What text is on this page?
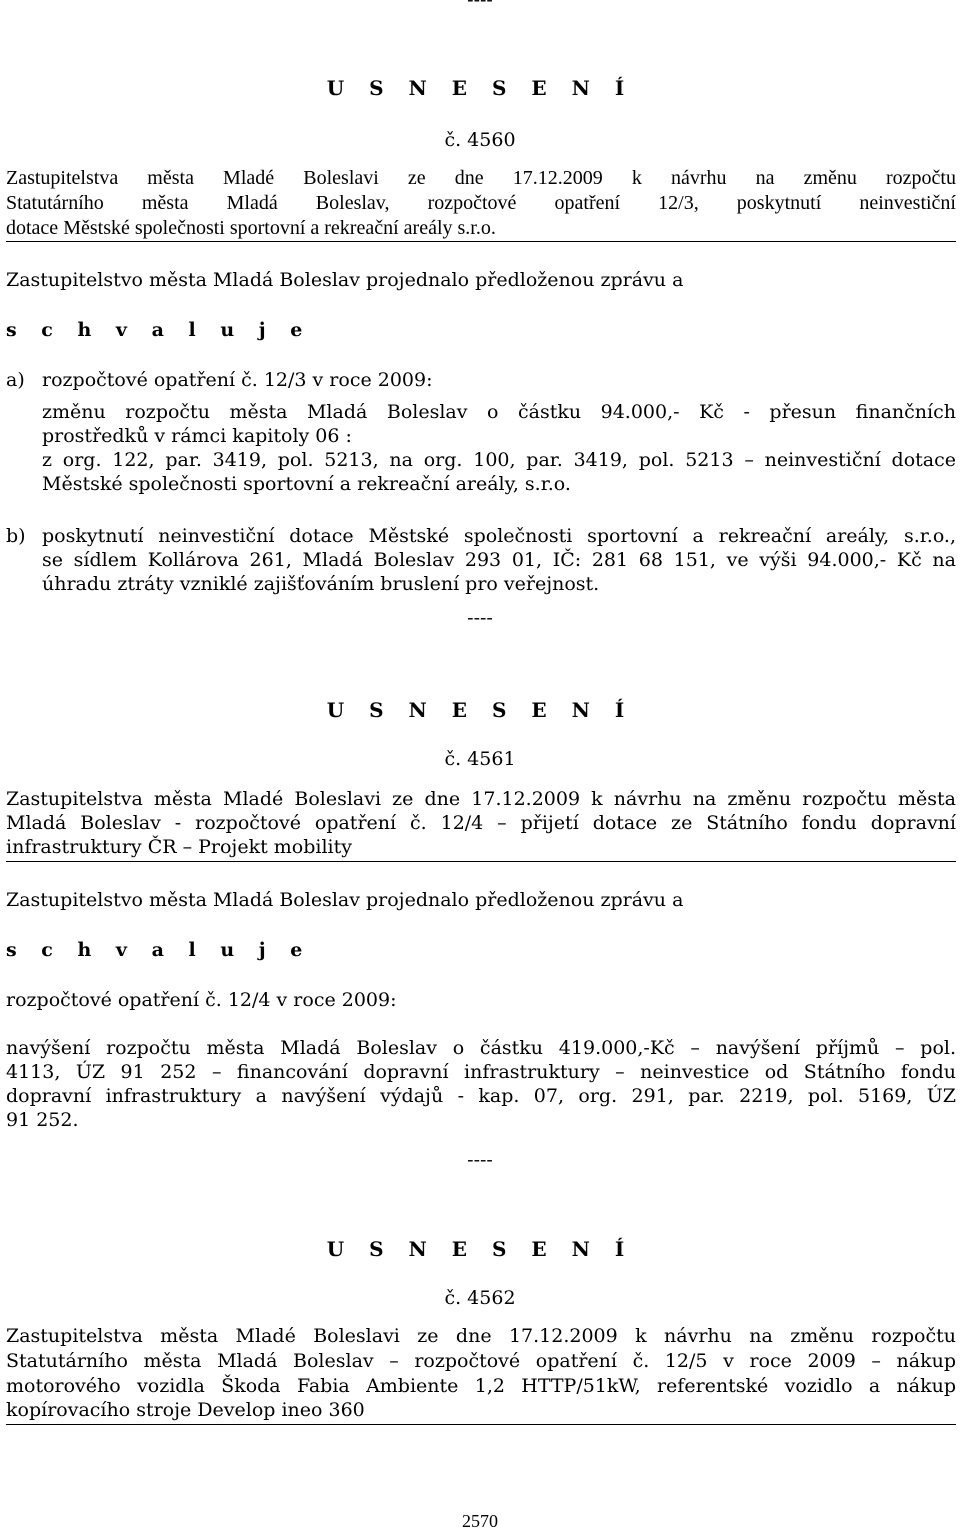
----
U S N E S E N Í
č. 4560
Zastupitelstva města Mladé Boleslavi ze dne 17.12.2009 k návrhu na změnu rozpočtu
Statutárního města Mladá Boleslav, rozpočtové opatření 12/3, poskytnutí neinvestiční
dotace Městské společnosti sportovní a rekreační areály s.r.o.
Zastupitelstvo města Mladá Boleslav projednalo předloženou zprávu a
s c h v a l u j e
a) rozpočtové opatření č. 12/3 v roce 2009:
změnu rozpočtu města Mladá Boleslav o částku 94.000,- Kč - přesun finančních
prostředků v rámci kapitoly 06 :
z org. 122, par. 3419, pol. 5213, na org. 100, par. 3419, pol. 5213 – neinvestiční dotace
Městské společnosti sportovní a rekreační areály, s.r.o.
b) poskytnutí neinvestiční dotace Městské společnosti sportovní a rekreační areály, s.r.o.,
se sídlem Kollárova 261, Mladá Boleslav 293 01, IČ: 281 68 151, ve výši 94.000,- Kč na
úhradu ztráty vzniklé zajišťováním bruslení pro veřejnost.
----
U S N E S E N Í
č. 4561
Zastupitelstva města Mladé Boleslavi ze dne 17.12.2009 k návrhu na změnu rozpočtu města
Mladá Boleslav - rozpočtové opatření č. 12/4 – přijetí dotace ze Státního fondu dopravní
infrastruktury ČR – Projekt mobility
Zastupitelstvo města Mladá Boleslav projednalo předloženou zprávu a
s c h v a l u j e
rozpočtové opatření č. 12/4 v roce 2009:
navýšení rozpočtu města Mladá Boleslav o částku 419.000,-Kč – navýšení příjmů – pol.
4113, ÚZ 91 252 – financování dopravní infrastruktury – neinvestice od Státního fondu
dopravní infrastruktury a navýšení výdajů - kap. 07, org. 291, par. 2219, pol. 5169, ÚZ
91 252.
----
U S N E S E N Í
č. 4562
Zastupitelstva města Mladé Boleslavi ze dne 17.12.2009 k návrhu na změnu rozpočtu
Statutárního města Mladá Boleslav – rozpočtové opatření č. 12/5 v roce 2009 – nákup
motorového vozidla Škoda Fabia Ambiente 1,2 HTTP/51kW, referentské vozidlo a nákup
kopírovacího stroje Develop ineo 360
2570
